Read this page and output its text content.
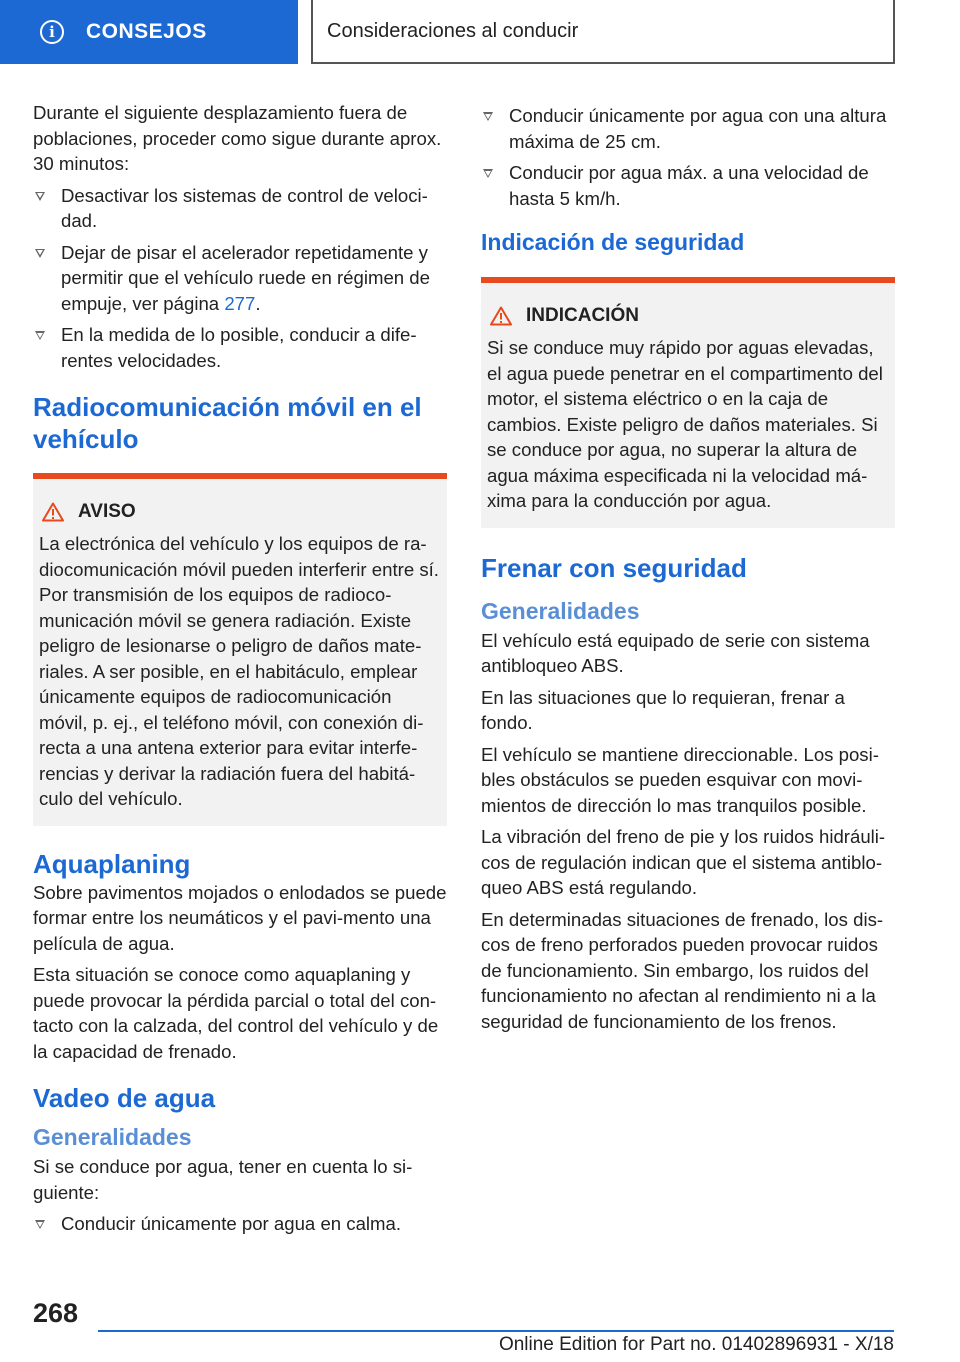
i	CONSEJOS	Consideraciones al conducir

Durante el siguiente desplazamiento fuera de poblaciones, proceder como sigue durante aprox. 30 minutos:

Desactivar los sistemas de control de veloci‐dad.
Dejar de pisar el acelerador repetidamente y permitir que el vehículo ruede en régimen de empuje, ver página 277.
En la medida de lo posible, conducir a dife‐rentes velocidades.
Radiocomunicación móvil en el vehículo
AVISO
La electrónica del vehículo y los equipos de ra‐diocomunicación móvil pueden interferir entre sí. Por transmisión de los equipos de radioco‐municación móvil se genera radiación. Existe peligro de lesionarse o peligro de daños mate‐riales. A ser posible, en el habitáculo, emplear únicamente equipos de radiocomunicación móvil, p. ej., el teléfono móvil, con conexión di‐recta a una antena exterior para evitar interfe‐rencias y derivar la radiación fuera del habitá‐culo del vehículo.
Aquaplaning

Sobre pavimentos mojados o enlodados se puede formar entre los neumáticos y el pavi‐mento una película de agua.

Esta situación se conoce como aquaplaning y puede provocar la pérdida parcial o total del con‐tacto con la calzada, del control del vehículo y de la capacidad de frenado.

Vadeo de agua
Generalidades

Si se conduce por agua, tener en cuenta lo si‐guiente:

Conducir únicamente por agua en calma.
Conducir únicamente por agua con una altura máxima de 25 cm.
Conducir por agua máx. a una velocidad de hasta 5 km/h.
Indicación de seguridad
INDICACIÓN
Si se conduce muy rápido por aguas elevadas, el agua puede penetrar en el compartimento del motor, el sistema eléctrico o en la caja de cambios. Existe peligro de daños materiales. Si se conduce por agua, no superar la altura de agua máxima especificada ni la velocidad má‐xima para la conducción por agua.
Frenar con seguridad
Generalidades

El vehículo está equipado de serie con sistema antibloqueo ABS.

En las situaciones que lo requieran, frenar a fondo.

El vehículo se mantiene direccionable. Los posi‐bles obstáculos se pueden esquivar con movi‐mientos de dirección lo mas tranquilos posible.

La vibración del freno de pie y los ruidos hidráuli‐cos de regulación indican que el sistema antiblo‐queo ABS está regulando.

En determinadas situaciones de frenado, los dis‐cos de freno perforados pueden provocar ruidos de funcionamiento. Sin embargo, los ruidos del funcionamiento no afectan al rendimiento ni a la seguridad de funcionamiento de los frenos.

268
Online Edition for Part no. 01402896931 - X/18
